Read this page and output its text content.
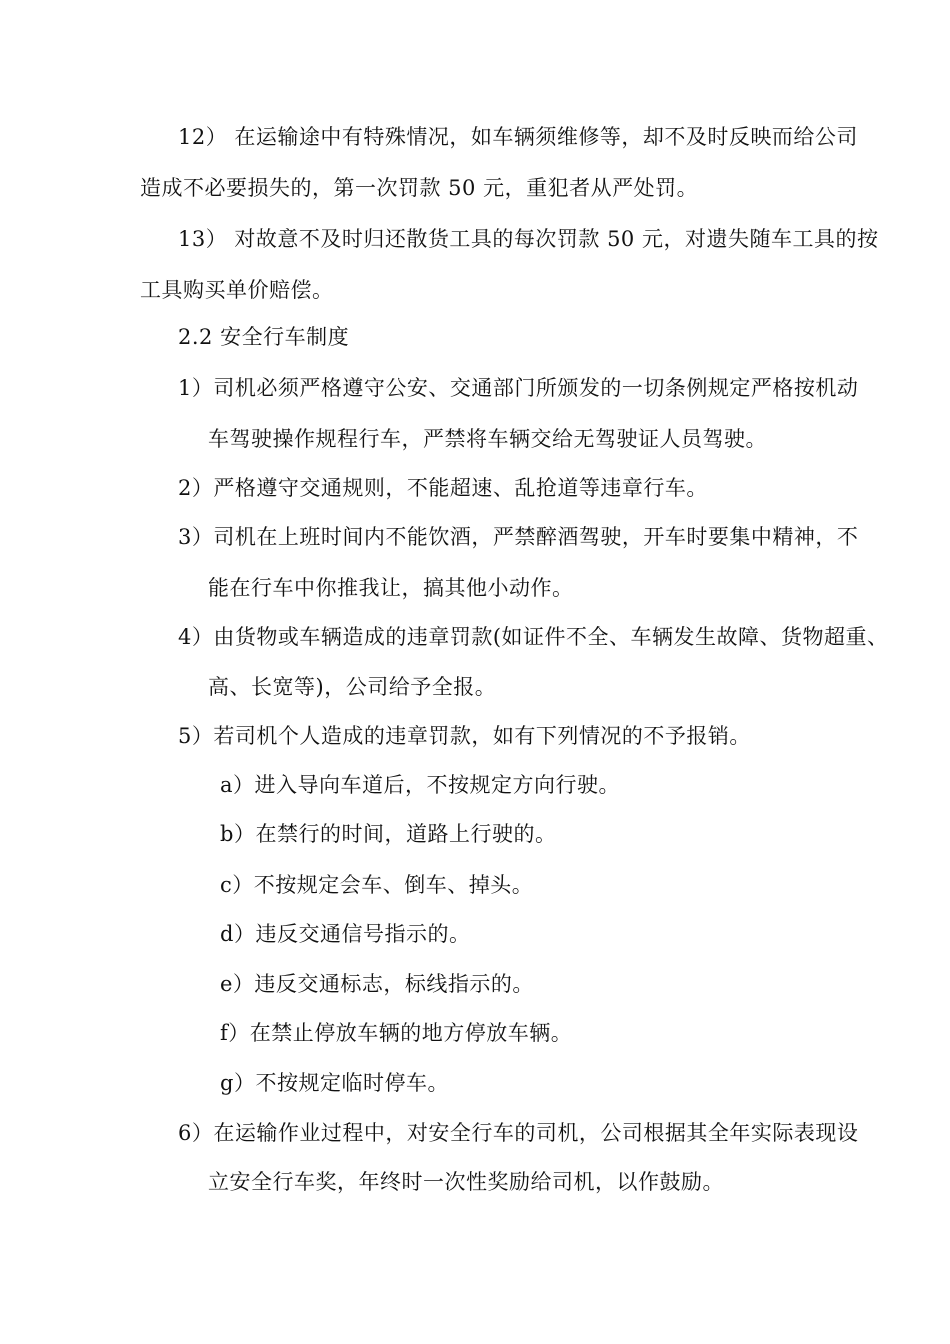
12） 在运输途中有特殊情况，如车辆须维修等，却不及时反映而给公司
造成不必要损失的，第一次罚款 50 元，重犯者从严处罚。
13） 对故意不及时归还散货工具的每次罚款 50 元，对遗失随车工具的按
工具购买单价赔偿。
2.2 安全行车制度
1）司机必须严格遵守公安、交通部门所颁发的一切条例规定严格按机动
车驾驶操作规程行车，严禁将车辆交给无驾驶证人员驾驶。
2）严格遵守交通规则，不能超速、乱抢道等违章行车。
3）司机在上班时间内不能饮酒，严禁醉酒驾驶，开车时要集中精神，不
能在行车中你推我让，搞其他小动作。
4）由货物或车辆造成的违章罚款(如证件不全、车辆发生故障、货物超重、
高、长宽等)，公司给予全报。
5）若司机个人造成的违章罚款，如有下列情况的不予报销。
a）进入导向车道后，不按规定方向行驶。
b）在禁行的时间，道路上行驶的。
c）不按规定会车、倒车、掉头。
d）违反交通信号指示的。
e）违反交通标志，标线指示的。
f）在禁止停放车辆的地方停放车辆。
g）不按规定临时停车。
6）在运输作业过程中，对安全行车的司机，公司根据其全年实际表现设
立安全行车奖，年终时一次性奖励给司机，以作鼓励。
